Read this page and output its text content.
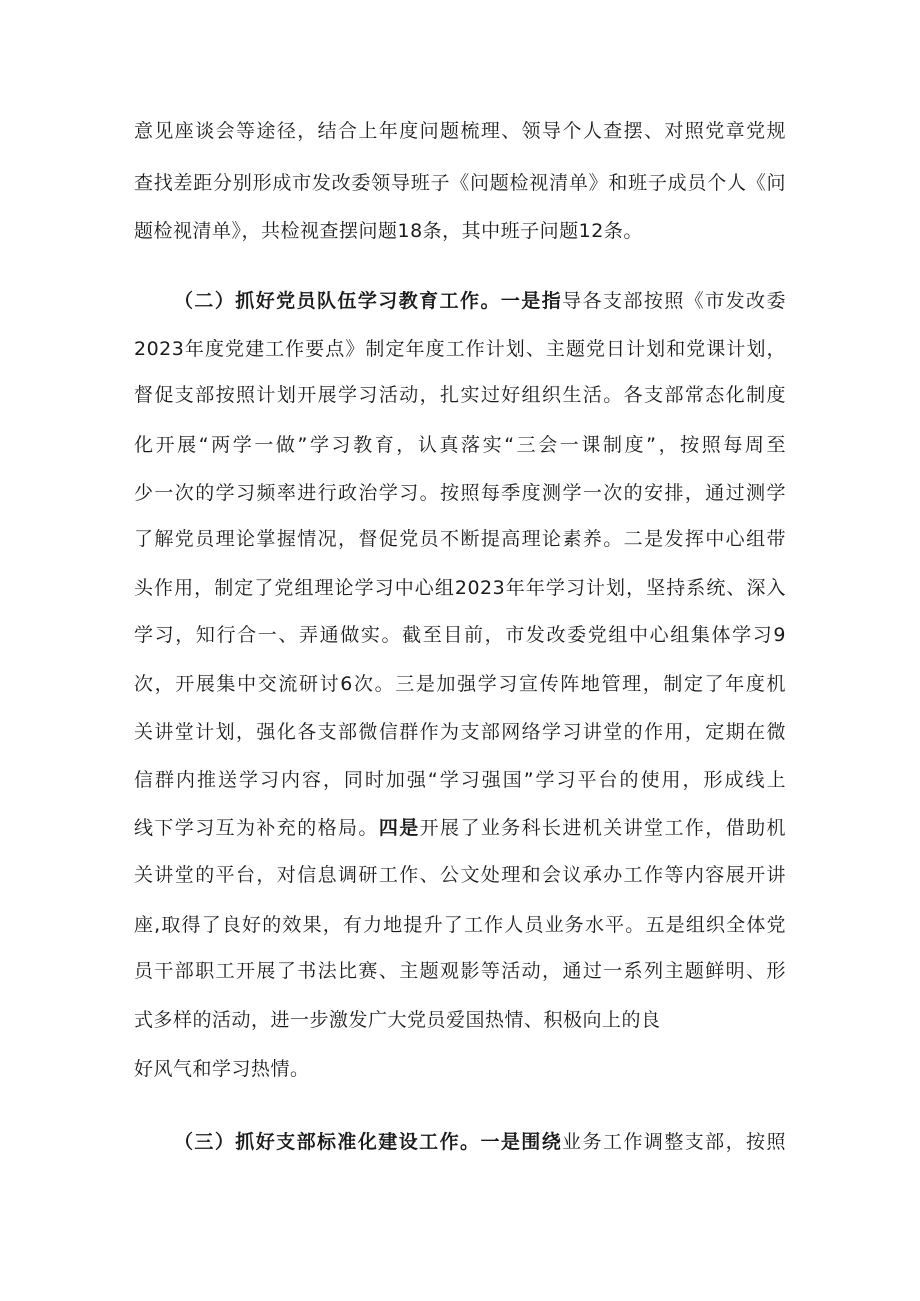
意见座谈会等途径，结合上年度问题梳理、领导个人查摆、对照党章党规
查找差距分别形成市发改委领导班子《问题检视清单》和班子成员个人《问
题检视清单》，共检视查摆问题18条，其中班子问题12条。
（二）抓好党员队伍学习教育工作。一是指导各支部按照《市发改委
2023年度党建工作要点》制定年度工作计划、主题党日计划和党课计划，
督促支部按照计划开展学习活动，扎实过好组织生活。各支部常态化制度
化开展“两学一做”学习教育，认真落实“三会一课制度”，按照每周至
少一次的学习频率进行政治学习。按照每季度测学一次的安排，通过测学
了解党员理论掌握情况，督促党员不断提高理论素养。二是发挥中心组带
头作用，制定了党组理论学习中心组2023年年学习计划，坚持系统、深入
学习，知行合一、弄通做实。截至目前，市发改委党组中心组集体学习9
次，开展集中交流研讨6次。三是加强学习宣传阵地管理，制定了年度机
关讲堂计划，强化各支部微信群作为支部网络学习讲堂的作用，定期在微
信群内推送学习内容，同时加强“学习强国”学习平台的使用，形成线上
线下学习互为补充的格局。四是开展了业务科长进机关讲堂工作，借助机
关讲堂的平台，对信息调研工作、公文处理和会议承办工作等内容展开讲
座,取得了良好的效果，有力地提升了工作人员业务水平。五是组织全体党
员干部职工开展了书法比赛、主题观影等活动，通过一系列主题鲜明、形
式多样的活动，进一步激发广大党员爱国热情、积极向上的良
好风气和学习热情。
（三）抓好支部标准化建设工作。一是围绕业务工作调整支部，按照
